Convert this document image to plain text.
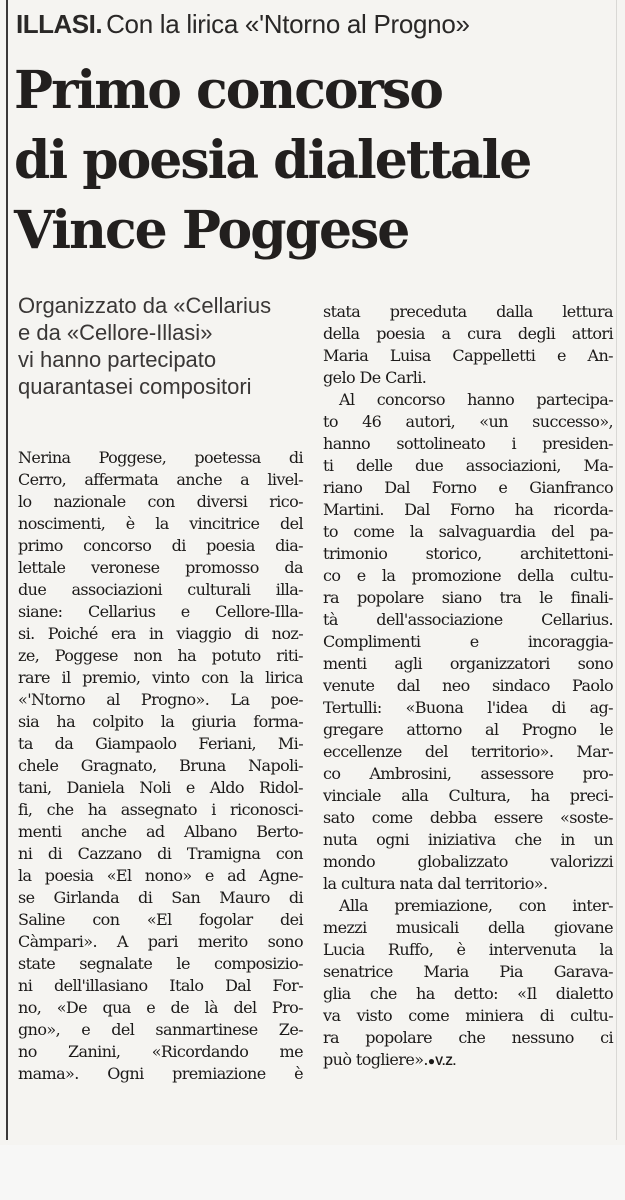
ILLASI. Con la lirica «'Ntorno al Progno»
Primo concorso
di poesia dialettale
Vince Poggese
Organizzato da «Cellarius
e da «Cellore-Illasi»
vi hanno partecipato
quarantasei compositori
Nerina Poggese, poetessa di
Cerro, affermata anche a livel-
lo nazionale con diversi rico-
noscimenti, è la vincitrice del
primo concorso di poesia dia-
lettale veronese promosso da
due associazioni culturali illa-
siane: Cellarius e Cellore-Illa-
si. Poiché era in viaggio di noz-
ze, Poggese non ha potuto riti-
rare il premio, vinto con la lirica
«'Ntorno al Progno». La poe-
sia ha colpito la giuria forma-
ta da Giampaolo Feriani, Mi-
chele Gragnato, Bruna Napoli-
tani, Daniela Noli e Aldo Ridol-
fi, che ha assegnato i riconosci-
menti anche ad Albano Berto-
ni di Cazzano di Tramigna con
la poesia «El nono» e ad Agne-
se Girlanda di San Mauro di
Saline con «El fogolar dei
Càmpari». A pari merito sono
state segnalate le composizio-
ni dell'illasiano Italo Dal For-
no, «De qua e de là del Pro-
gno», e del sanmartinese Ze-
no Zanini, «Ricordando me
mama». Ogni premiazione è
stata preceduta dalla lettura
della poesia a cura degli attori
Maria Luisa Cappelletti e An-
gelo De Carli.
Al concorso hanno partecipa-
to 46 autori, «un successo»,
hanno sottolineato i presiden-
ti delle due associazioni, Ma-
riano Dal Forno e Gianfranco
Martini. Dal Forno ha ricorda-
to come la salvaguardia del pa-
trimonio storico, architettoni-
co e la promozione della cultu-
ra popolare siano tra le finali-
tà dell'associazione Cellarius.
Complimenti e incoraggia-
menti agli organizzatori sono
venute dal neo sindaco Paolo
Tertulli: «Buona l'idea di ag-
gregare attorno al Progno le
eccellenze del territorio». Mar-
co Ambrosini, assessore pro-
vinciale alla Cultura, ha preci-
sato come debba essere «soste-
nuta ogni iniziativa che in un
mondo globalizzato valorizzi
la cultura nata dal territorio».
Alla premiazione, con inter-
mezzi musicali della giovane
Lucia Ruffo, è intervenuta la
senatrice Maria Pia Garava-
glia che ha detto: «Il dialetto
va visto come miniera di cultu-
ra popolare che nessuno ci
può togliere».●V.Z.
